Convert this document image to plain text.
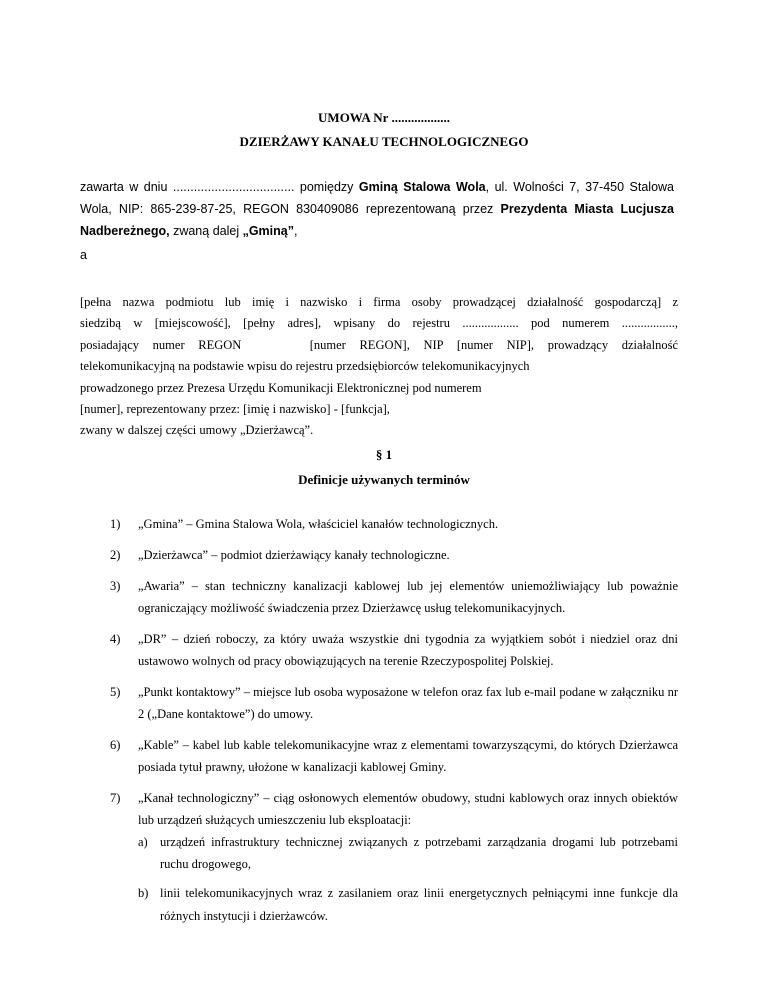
UMOWA Nr ..................
DZIERŻAWY KANAŁU TECHNOLOGICZNEGO

zawarta w dniu ................................... pomiędzy Gminą Stalowa Wola, ul. Wolności 7, 37-450 Stalowa Wola, NIP: 865-239-87-25, REGON 830409086 reprezentowaną przez Prezydenta Miasta Lucjusza Nadbereżnego, zwaną dalej „Gminą”,

a
[pełna nazwa podmiotu lub imię i nazwisko i firma osoby prowadzącej działalność gospodarczą] z
siedzibą w [miejscowość], [pełny adres], wpisany do rejestru .................. pod numerem .................,
posiadający numer REGON     [numer REGON], NIP [numer NIP], prowadzący działalność
telekomunikacyjną na podstawie wpisu do rejestru przedsiębiorców telekomunikacyjnych
prowadzonego przez Prezesa Urzędu Komunikacji Elektronicznej pod numerem
[numer], reprezentowany przez: [imię i nazwisko] - [funkcja],
zwany w dalszej części umowy „Dzierżawcą”.
§ 1
Definicje używanych terminów
1) „Gmina” – Gmina Stalowa Wola, właściciel kanałów technologicznych.
2) „Dzierżawca” – podmiot dzierżawiący kanały technologiczne.
3) „Awaria” – stan techniczny kanalizacji kablowej lub jej elementów uniemożliwiający lub poważnie ograniczający możliwość świadczenia przez Dzierżawcę usług telekomunikacyjnych.
4) „DR” – dzień roboczy, za który uważa wszystkie dni tygodnia za wyjątkiem sobót i niedziel oraz dni ustawowo wolnych od pracy obowiązujących na terenie Rzeczypospolitej Polskiej.
5) „Punkt kontaktowy” – miejsce lub osoba wyposażone w telefon oraz fax lub e-mail podane w załączniku nr 2 („Dane kontaktowe”) do umowy.
6) „Kable” – kabel lub kable telekomunikacyjne wraz z elementami towarzyszącymi, do których Dzierżawca posiada tytuł prawny, ułożone w kanalizacji kablowej Gminy.
7) „Kanał technologiczny” – ciąg osłonowych elementów obudowy, studni kablowych oraz innych obiektów lub urządzeń służących umieszczeniu lub eksploatacji:
a) urządzeń infrastruktury technicznej związanych z potrzebami zarządzania drogami lub potrzebami ruchu drogowego,
b) linii telekomunikacyjnych wraz z zasilaniem oraz linii energetycznych pełniącymi inne funkcje dla różnych instytucji i dzierżawców.
